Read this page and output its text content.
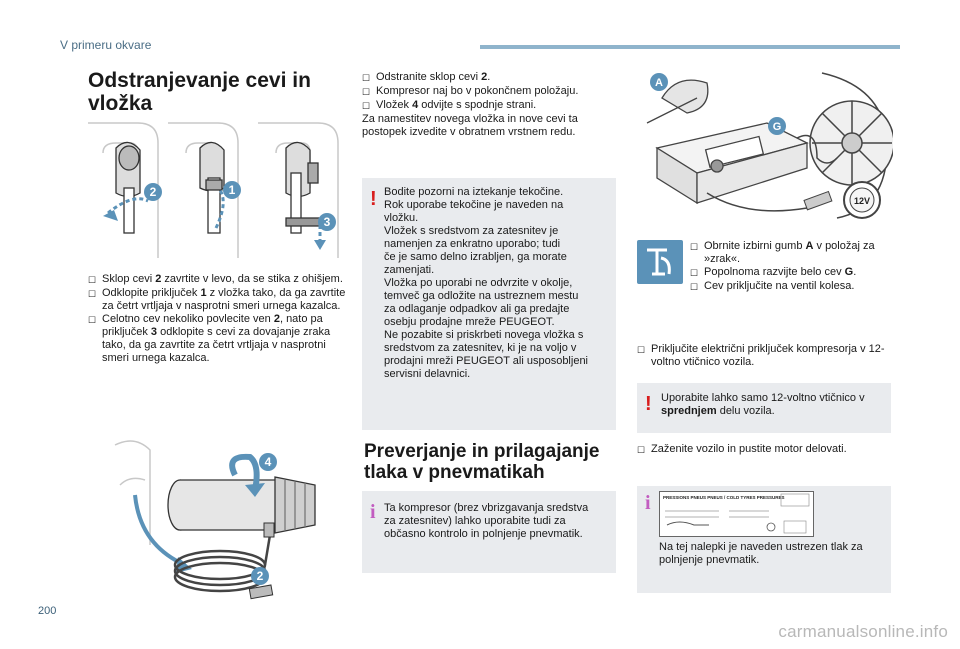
V primeru okvare
Odstranjevanje cevi in
vložka
2	1
3
☐ Sklop cevi 2 zavrtite v levo, da se stika z ohišjem.
☐ Odklopite priključek 1 z vložka tako, da ga zavrtite za četrt vrtljaja v nasprotni smeri urnega kazalca.
☐ Celotno cev nekoliko povlecite ven 2, nato pa priključek 3 odklopite s cevi za dovajanje zraka tako, da ga zavrtite za četrt vrtljaja v nasprotni smeri urnega kazalca.
4
2
☐ Odstranite sklop cevi 2.
☐ Kompresor naj bo v pokončnem položaju.
☐ Vložek 4 odvijte s spodnje strani.
Za namestitev novega vložka in nove cevi ta postopek izvedite v obratnem vrstnem redu.
! Bodite pozorni na iztekanje tekočine.
Rok uporabe tekočine je naveden na
vložku.
Vložek s sredstvom za zatesnitev je
namenjen za enkratno uporabo; tudi
če je samo delno izrabljen, ga morate
zamenjati.
Vložka po uporabi ne odvrzite v okolje,
temveč ga odložite na ustreznem mestu
za odlaganje odpadkov ali ga predajte
osebju prodajne mreže PEUGEOT.
Ne pozabite si priskrbeti novega vložka s
sredstvom za zatesnitev, ki je na voljo v
prodajni mreži PEUGEOT ali usposobljeni
servisni delavnici.
Preverjanje in prilagajanje
tlaka v pnevmatikah
i Ta kompresor (brez vbrizgavanja sredstva
za zatesnitev) lahko uporabite tudi za
občasno kontrolo in polnjenje pnevmatik.
A
G
12V
☐ Obrnite izbirni gumb A v položaj za »zrak«.
☐ Popolnoma razvijte belo cev G.
☐ Cev priključite na ventil kolesa.
☐ Priključite električni priključek kompresorja v 12-voltno vtičnico vozila.
! Uporabite lahko samo 12-voltno vtičnico v
sprednjem delu vozila.
☐ Zaženite vozilo in pustite motor delovati.
i	PRESSIONS PNEUS PNEUS / COLD TYRES PRESSURES
Na tej nalepki je naveden ustrezen tlak za
polnjenje pnevmatik.
200
carmanualsonline.info
